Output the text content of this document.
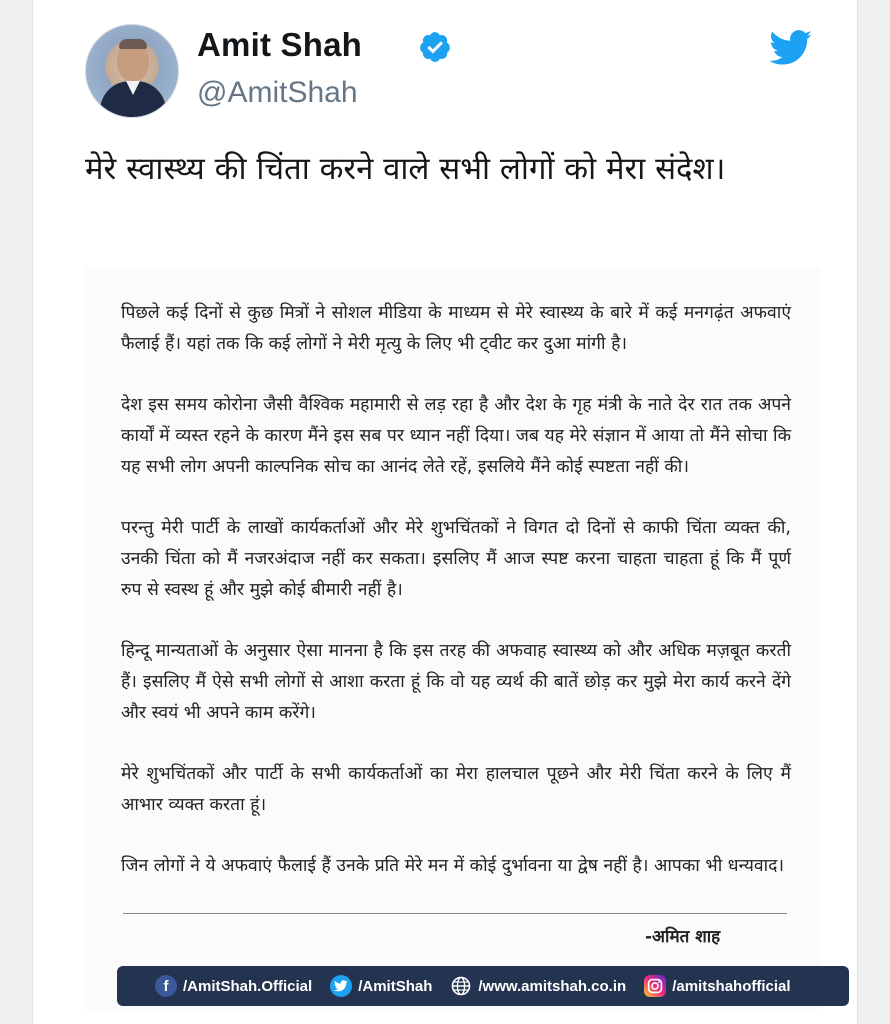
Amit Shah
@AmitShah
मेरे स्वास्थ्य की चिंता करने वाले सभी लोगों को मेरा संदेश।

पिछले कई दिनों से कुछ मित्रों ने सोशल मीडिया के माध्यम से मेरे स्वास्थ्य के बारे में कई मनगढ़ंत अफवाएं फैलाई हैं। यहां तक कि कई लोगों ने मेरी मृत्यु के लिए भी ट्वीट कर दुआ मांगी है।

देश इस समय कोरोना जैसी वैश्विक महामारी से लड़ रहा है और देश के गृह मंत्री के नाते देर रात तक अपने कार्यों में व्यस्त रहने के कारण मैंने इस सब पर ध्यान नहीं दिया। जब यह मेरे संज्ञान में आया तो मैंने सोचा कि यह सभी लोग अपनी काल्पनिक सोच का आनंद लेते रहें, इसलिये मैंने कोई स्पष्टता नहीं की।

परन्तु मेरी पार्टी के लाखों कार्यकर्ताओं और मेरे शुभचिंतकों ने विगत दो दिनों से काफी चिंता व्यक्त की, उनकी चिंता को मैं नजरअंदाज नहीं कर सकता। इसलिए मैं आज स्पष्ट करना चाहता चाहता हूं कि मैं पूर्ण रुप से स्वस्थ हूं और मुझे कोई बीमारी नहीं है।

हिन्दू मान्यताओं के अनुसार ऐसा मानना है कि इस तरह की अफवाह स्वास्थ्य को और अधिक मज़बूत करती हैं। इसलिए मैं ऐसे सभी लोगों से आशा करता हूं कि वो यह व्यर्थ की बातें छोड़ कर मुझे मेरा कार्य करने देंगे और स्वयं भी अपने काम करेंगे।

मेरे शुभचिंतकों और पार्टी के सभी कार्यकर्ताओं का मेरा हालचाल पूछने और मेरी चिंता करने के लिए मैं आभार व्यक्त करता हूं।

जिन लोगों ने ये अफवाएं फैलाई हैं उनके प्रति मेरे मन में कोई दुर्भावना या द्वेष नहीं है। आपका भी धन्यवाद।

-अमित शाह
f /AmitShah.Official	/AmitShah	/www.amitshah.co.in	/amitshahofficial
